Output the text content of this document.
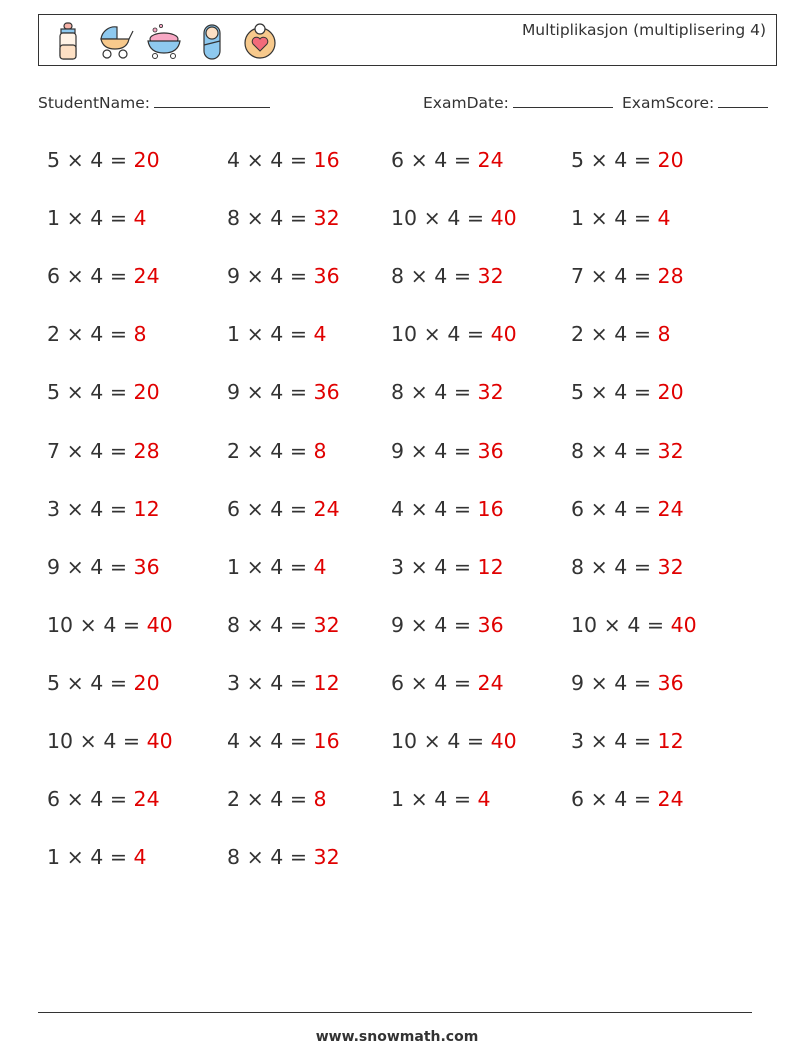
Multiplikasjon (multiplisering 4)
StudentName:	ExamDate:	ExamScore:
5 × 4 = 20
1 × 4 = 4
6 × 4 = 24
2 × 4 = 8
5 × 4 = 20
7 × 4 = 28
3 × 4 = 12
9 × 4 = 36
10 × 4 = 40
5 × 4 = 20
10 × 4 = 40
6 × 4 = 24
1 × 4 = 4
4 × 4 = 16
8 × 4 = 32
9 × 4 = 36
1 × 4 = 4
9 × 4 = 36
2 × 4 = 8
6 × 4 = 24
1 × 4 = 4
8 × 4 = 32
3 × 4 = 12
4 × 4 = 16
2 × 4 = 8
8 × 4 = 32
6 × 4 = 24
10 × 4 = 40
8 × 4 = 32
10 × 4 = 40
8 × 4 = 32
9 × 4 = 36
4 × 4 = 16
3 × 4 = 12
9 × 4 = 36
6 × 4 = 24
10 × 4 = 40
1 × 4 = 4
5 × 4 = 20
1 × 4 = 4
7 × 4 = 28
2 × 4 = 8
5 × 4 = 20
8 × 4 = 32
6 × 4 = 24
8 × 4 = 32
10 × 4 = 40
9 × 4 = 36
3 × 4 = 12
6 × 4 = 24
www.snowmath.com
